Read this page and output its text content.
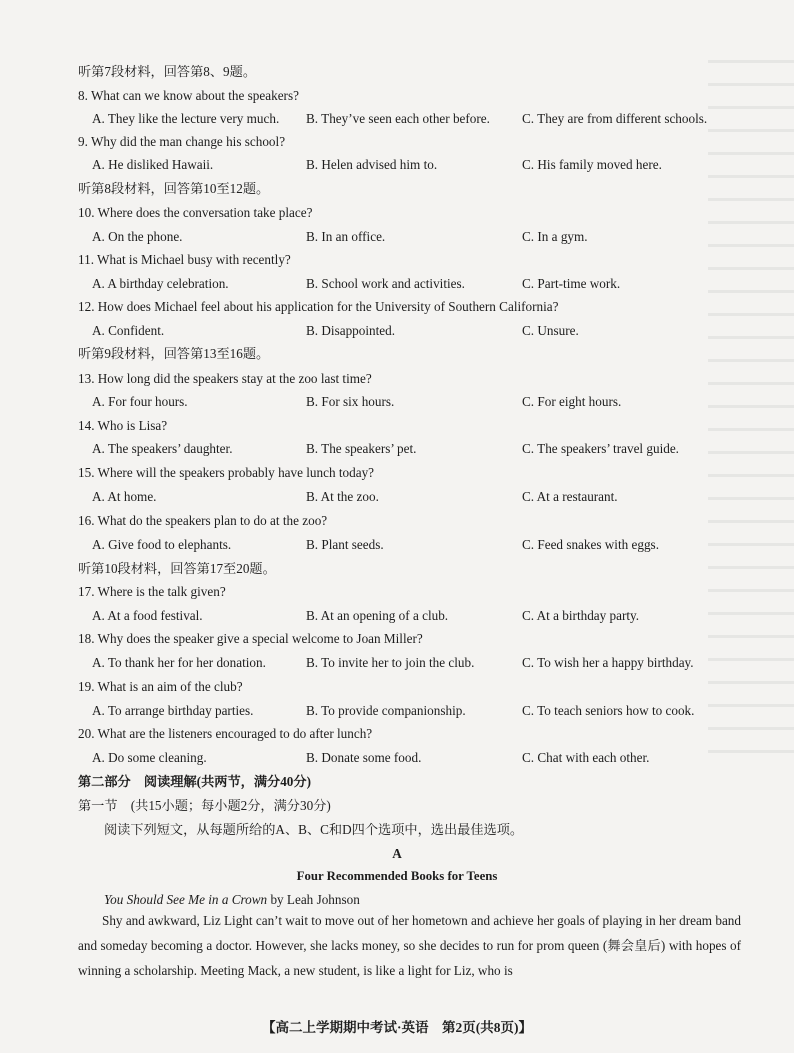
听第7段材料，回答第8、9题。
8. What can we know about the speakers?
A. They like the lecture very much. B. They’ve seen each other before. C. They are from different schools.
9. Why did the man change his school?
A. He disliked Hawaii.	B. Helen advised him to.	C. His family moved here.
听第8段材料，回答第10至12题。
10. Where does the conversation take place?
A. On the phone.	B. In an office.	C. In a gym.
11. What is Michael busy with recently?
A. A birthday celebration.	B. School work and activities.	C. Part-time work.
12. How does Michael feel about his application for the University of Southern California?
A. Confident.	B. Disappointed.	C. Unsure.
听第9段材料，回答第13至16题。
13. How long did the speakers stay at the zoo last time?
A. For four hours.	B. For six hours.	C. For eight hours.
14. Who is Lisa?
A. The speakers’ daughter.	B. The speakers’ pet.	C. The speakers’ travel guide.
15. Where will the speakers probably have lunch today?
A. At home.	B. At the zoo.	C. At a restaurant.
16. What do the speakers plan to do at the zoo?
A. Give food to elephants.	B. Plant seeds.	C. Feed snakes with eggs.
听第10段材料，回答第17至20题。
17. Where is the talk given?
A. At a food festival.	B. At an opening of a club.	C. At a birthday party.
18. Why does the speaker give a special welcome to Joan Miller?
A. To thank her for her donation.	B. To invite her to join the club.	C. To wish her a happy birthday.
19. What is an aim of the club?
A. To arrange birthday parties.	B. To provide companionship.	C. To teach seniors how to cook.
20. What are the listeners encouraged to do after lunch?
A. Do some cleaning.	B. Donate some food.	C. Chat with each other.
第二部分　阅读理解(共两节，满分40分)
第一节　(共15小题；每小题2分，满分30分)
阅读下列短文，从每题所给的A、B、C和D四个选项中，选出最佳选项。
A
Four Recommended Books for Teens
You Should See Me in a Crown by Leah Johnson
Shy and awkward, Liz Light can’t wait to move out of her hometown and achieve her goals of playing in her dream band and someday becoming a doctor. However, she lacks money, so she decides to run for prom queen (舞会皇后) with hopes of winning a scholarship. Meeting Mack, a new student, is like a light for Liz, who is
【高二上学期期中考试·英语　第2页(共8页)】
